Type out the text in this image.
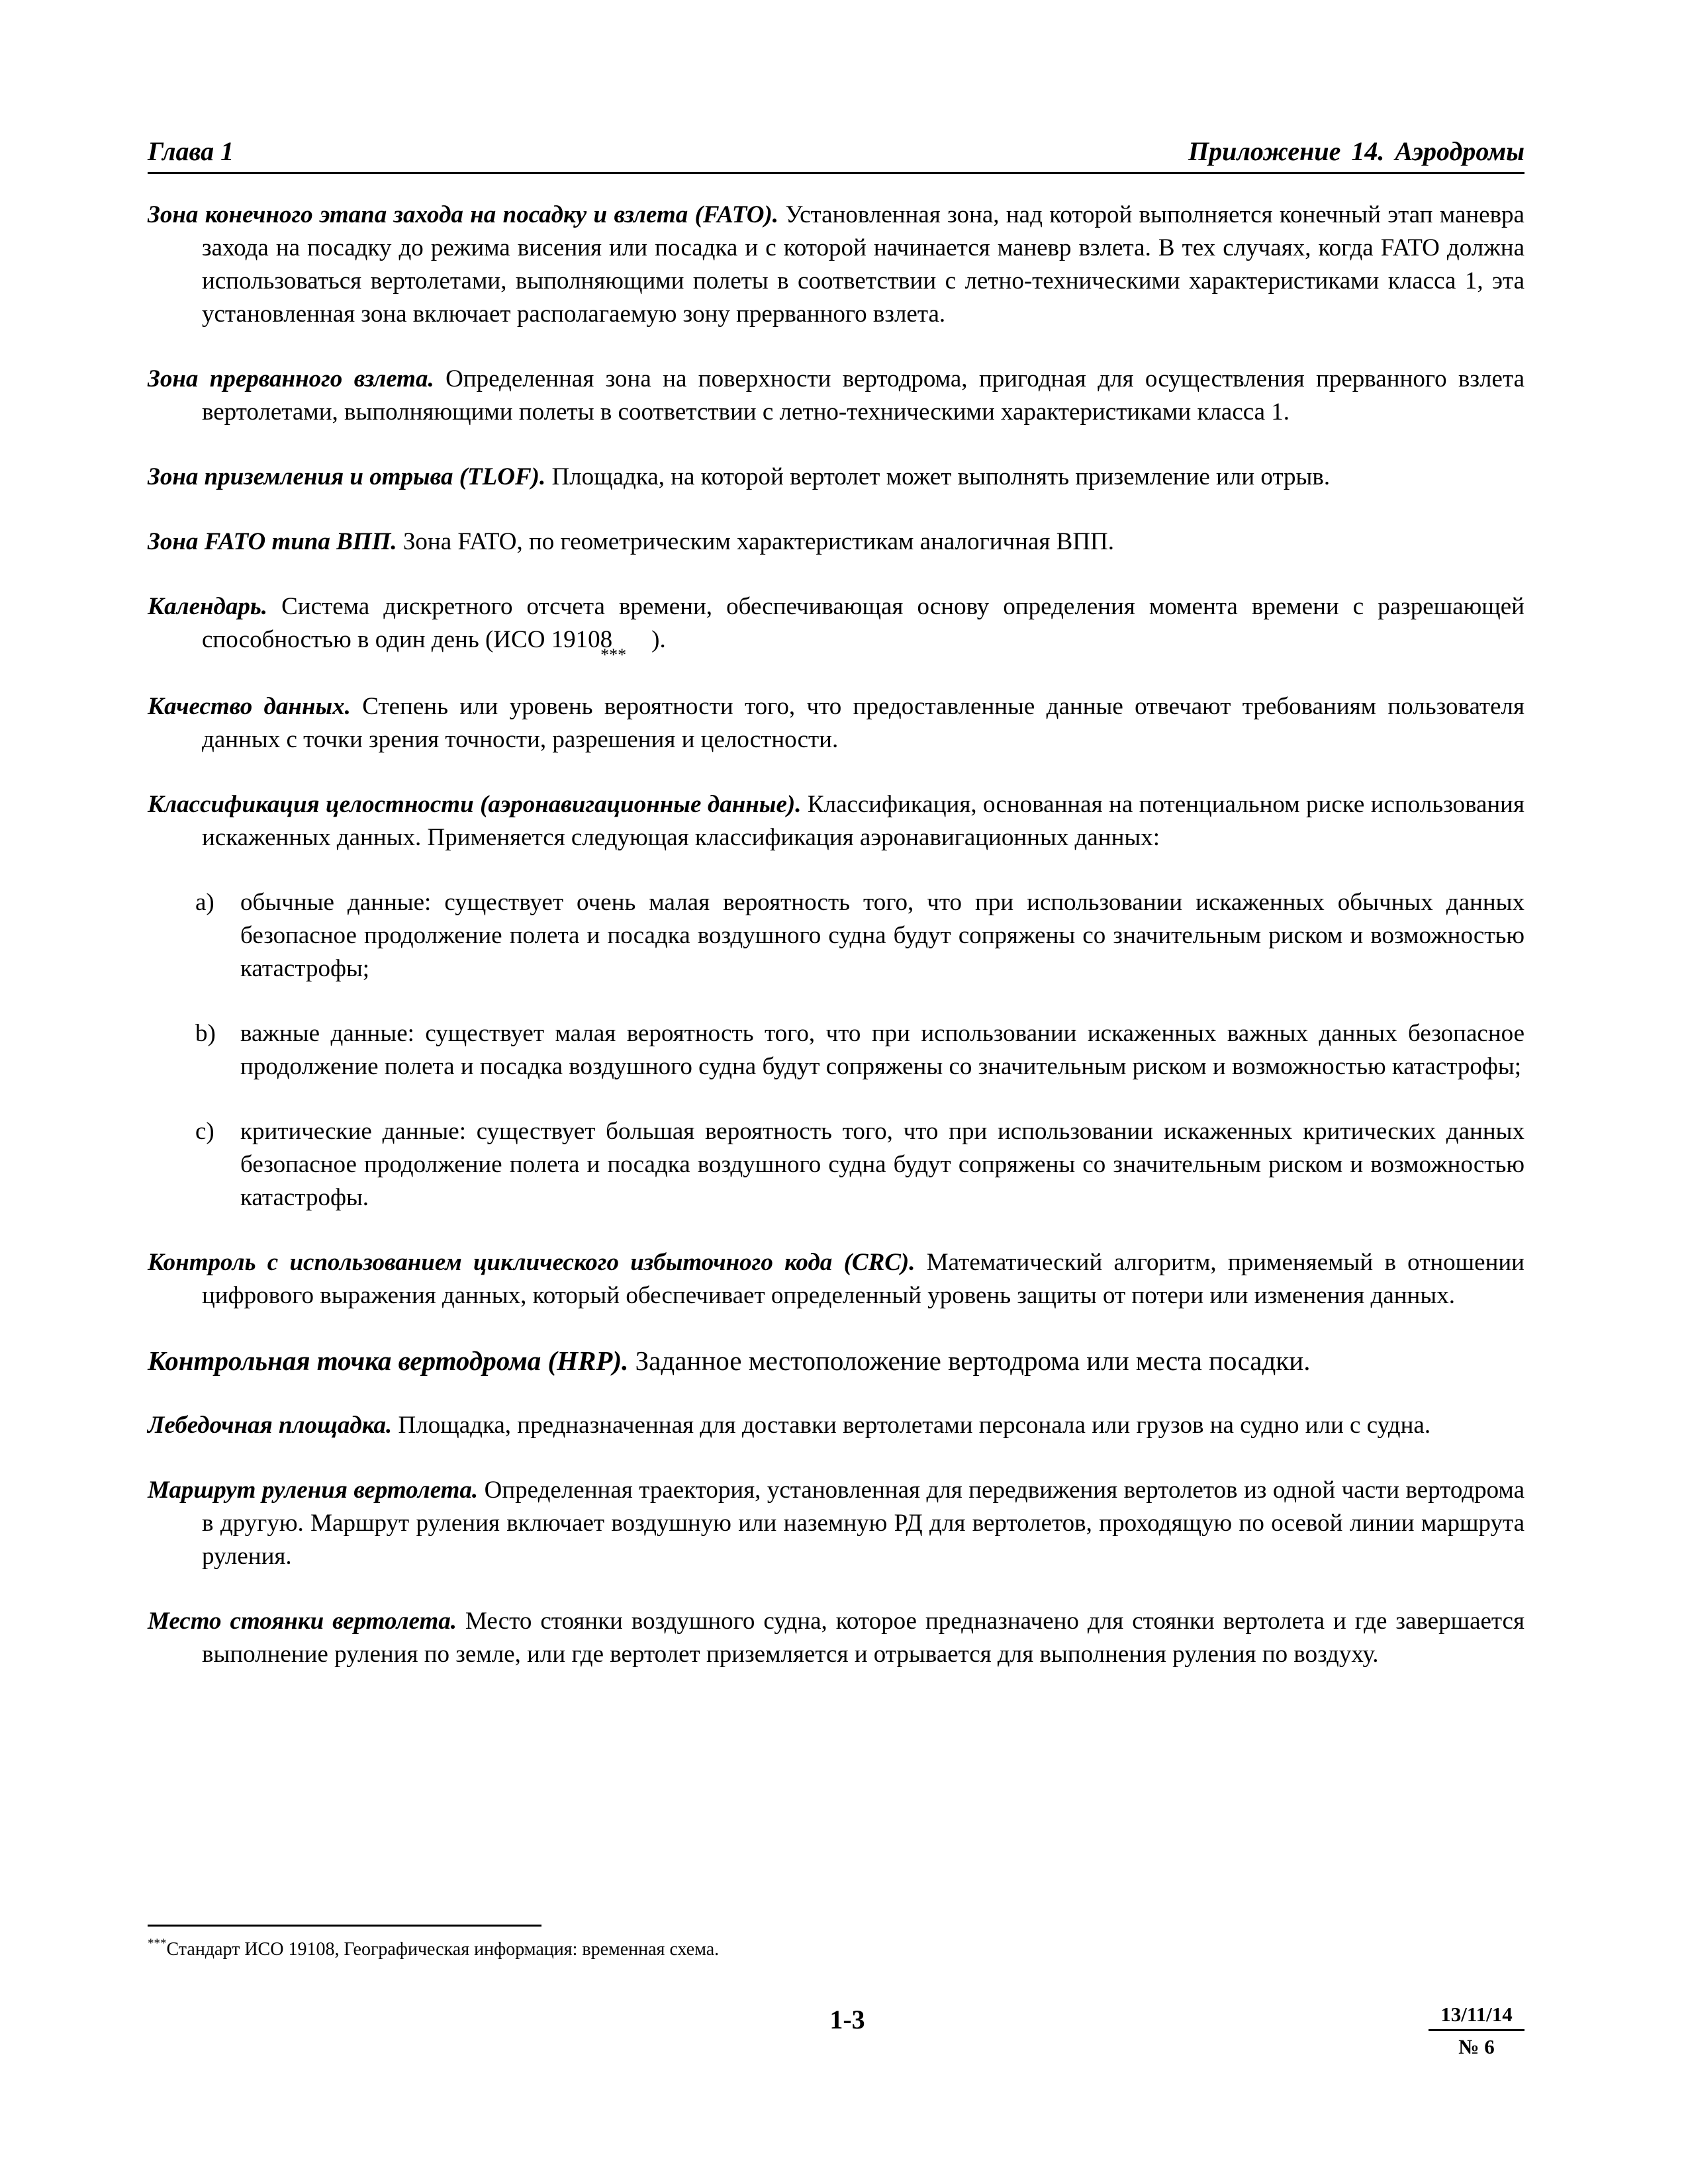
Глава 1	Приложение 14. Аэродромы

Зона конечного этапа захода на посадку и взлета (FATO). Установленная зона, над которой выполняется конечный этап маневра захода на посадку до режима висения или посадка и с которой начинается маневр взлета. В тех случаях, когда FATO должна использоваться вертолетами, выполняющими полеты в соответствии с летно-техническими характеристиками класса 1, эта установленная зона включает располагаемую зону прерванного взлета.

Зона прерванного взлета. Определенная зона на поверхности вертодрома, пригодная для осуществления прерванного взлета вертолетами, выполняющими полеты в соответствии с летно-техническими характеристиками класса 1.

Зона приземления и отрыва (TLOF). Площадка, на которой вертолет может выполнять приземление или отрыв.

Зона FATO типа ВПП. Зона FATO, по геометрическим характеристикам аналогичная ВПП.

Календарь. Система дискретного отсчета времени, обеспечивающая основу определения момента времени с разрешающей способностью в один день (ИСО $19108_{***}$).

Качество данных. Степень или уровень вероятности того, что предоставленные данные отвечают требованиям пользователя данных с точки зрения точности, разрешения и целостности.

Классификация целостности (аэронавигационные данные). Классификация, основанная на потенциальном риске использования искаженных данных. Применяется следующая классификация аэронавигационных данных:

a) обычные данные: существует очень малая вероятность того, что при использовании искаженных обычных данных безопасное продолжение полета и посадка воздушного судна будут сопряжены со значительным риском и возможностью катастрофы;
b) важные данные: существует малая вероятность того, что при использовании искаженных важных данных безопасное продолжение полета и посадка воздушного судна будут сопряжены со значительным риском и возможностью катастрофы;
c) критические данные: существует большая вероятность того, что при использовании искаженных критических данных безопасное продолжение полета и посадка воздушного судна будут сопряжены со значительным риском и возможностью катастрофы.

Контроль с использованием циклического избыточного кода (CRC). Математический алгоритм, применяемый в отношении цифрового выражения данных, который обеспечивает определенный уровень защиты от потери или изменения данных.

Контрольная точка вертодрома (HRP). Заданное местоположение вертодрома или места посадки.

Лебедочная площадка. Площадка, предназначенная для доставки вертолетами персонала или грузов на судно или с судна.

Маршрут руления вертолета. Определенная траектория, установленная для передвижения вертолетов из одной части вертодрома в другую. Маршрут руления включает воздушную или наземную РД для вертолетов, проходящую по осевой линии маршрута руления.

Место стоянки вертолета. Место стоянки воздушного судна, которое предназначено для стоянки вертолета и где завершается выполнение руления по земле, или где вертолет приземляется и отрывается для выполнения руления по воздуху.

***Стандарт ИСО 19108, Географическая информация: временная схема.
1-3	13/11/14
№ 6
